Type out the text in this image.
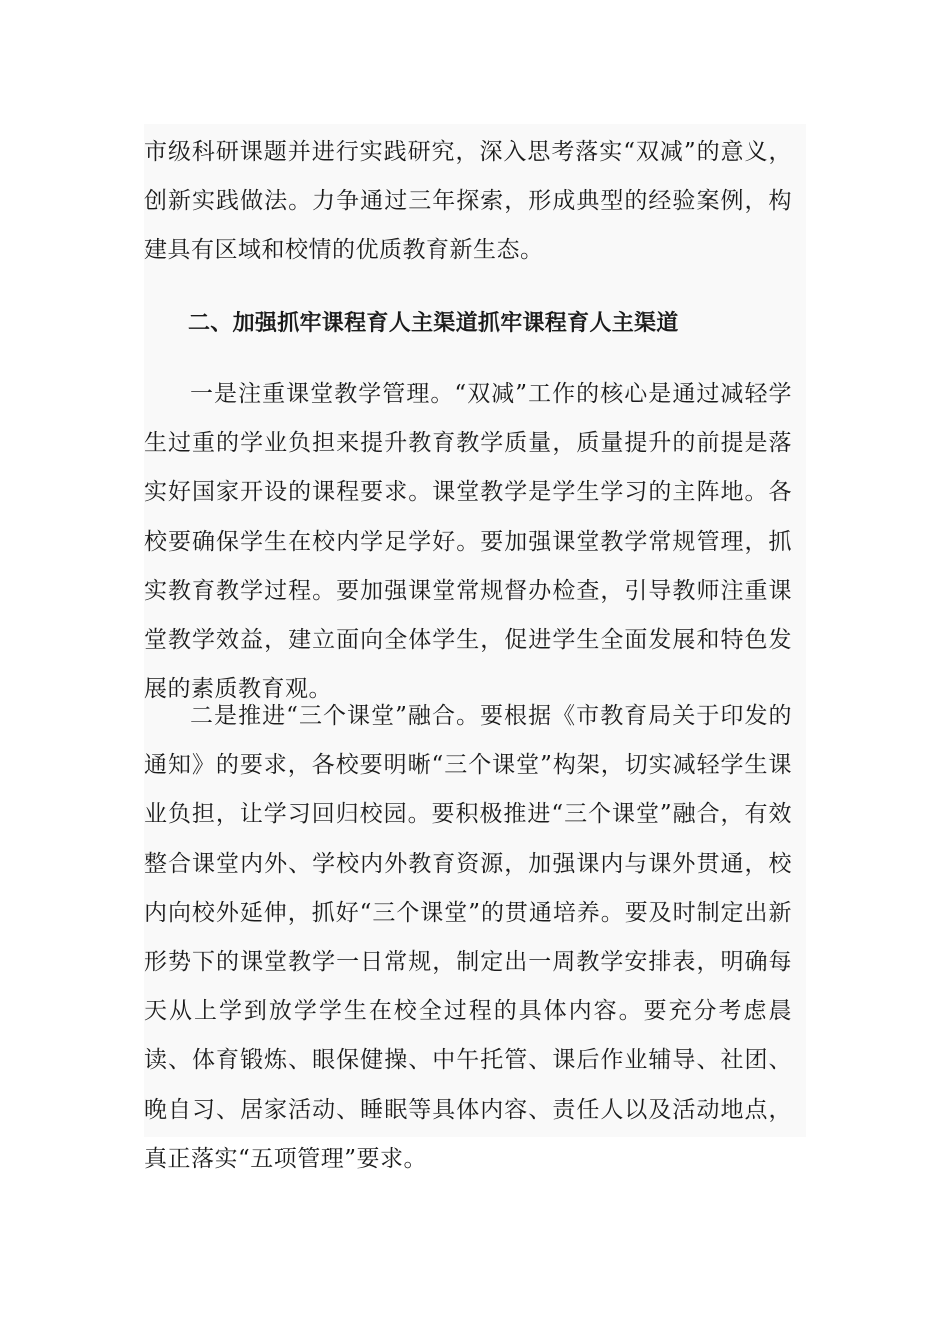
市级科研课题并进行实践研究，深入思考落实“双减”的意义，创新实践做法。力争通过三年探索，形成典型的经验案例，构建具有区域和校情的优质教育新生态。

二、加强抓牢课程育人主渠道抓牢课程育人主渠道

一是注重课堂教学管理。“双减”工作的核心是通过减轻学生过重的学业负担来提升教育教学质量，质量提升的前提是落实好国家开设的课程要求。课堂教学是学生学习的主阵地。各校要确保学生在校内学足学好。要加强课堂教学常规管理，抓实教育教学过程。要加强课堂常规督办检查，引导教师注重课堂教学效益，建立面向全体学生，促进学生全面发展和特色发展的素质教育观。

二是推进“三个课堂”融合。要根据《市教育局关于印发的通知》的要求，各校要明晰“三个课堂”构架，切实减轻学生课业负担，让学习回归校园。要积极推进“三个课堂”融合，有效整合课堂内外、学校内外教育资源，加强课内与课外贯通，校内向校外延伸，抓好“三个课堂”的贯通培养。要及时制定出新形势下的课堂教学一日常规，制定出一周教学安排表，明确每天从上学到放学学生在校全过程的具体内容。要充分考虑晨读、体育锻炼、眼保健操、中午托管、课后作业辅导、社团、晚自习、居家活动、睡眠等具体内容、责任人以及活动地点，真正落实“五项管理”要求。
